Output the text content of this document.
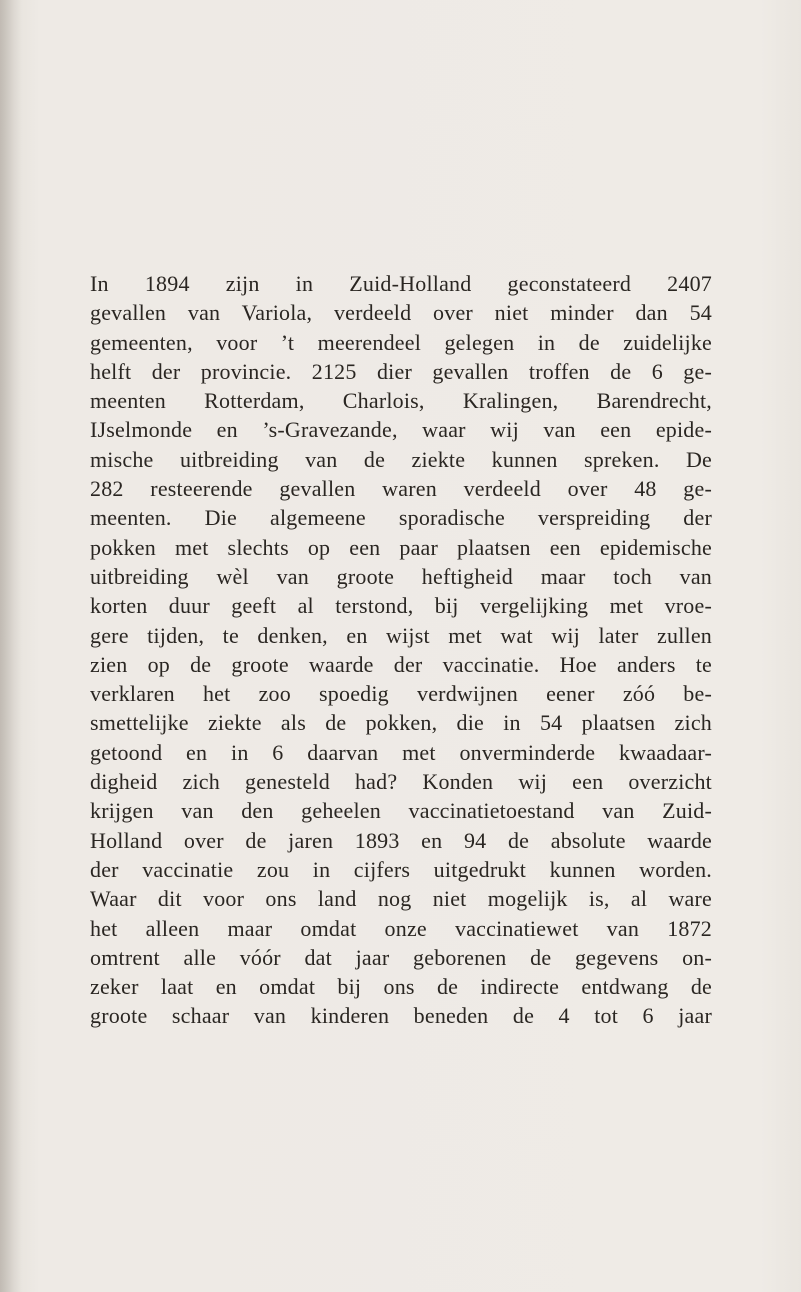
In 1894 zijn in Zuid-Holland geconstateerd 2407
gevallen van Variola, verdeeld over niet minder dan 54
gemeenten, voor ’t meerendeel gelegen in de zuidelijke
helft der provincie. 2125 dier gevallen troffen de 6 ge-
meenten Rotterdam, Charlois, Kralingen, Barendrecht,
IJselmonde en ’s-Gravezande, waar wij van een epide-
mische uitbreiding van de ziekte kunnen spreken. De
282 resteerende gevallen waren verdeeld over 48 ge-
meenten. Die algemeene sporadische verspreiding der
pokken met slechts op een paar plaatsen een epidemische
uitbreiding wèl van groote heftigheid maar toch van
korten duur geeft al terstond, bij vergelijking met vroe-
gere tijden, te denken, en wijst met wat wij later zullen
zien op de groote waarde der vaccinatie. Hoe anders te
verklaren het zoo spoedig verdwijnen eener zóó be-
smettelijke ziekte als de pokken, die in 54 plaatsen zich
getoond en in 6 daarvan met onverminderde kwaadaar-
digheid zich genesteld had? Konden wij een overzicht
krijgen van den geheelen vaccinatietoestand van Zuid-
Holland over de jaren 1893 en 94 de absolute waarde
der vaccinatie zou in cijfers uitgedrukt kunnen worden.
Waar dit voor ons land nog niet mogelijk is, al ware
het alleen maar omdat onze vaccinatiewet van 1872
omtrent alle vóór dat jaar geborenen de gegevens on-
zeker laat en omdat bij ons de indirecte entdwang de
groote schaar van kinderen beneden de 4 tot 6 jaar
